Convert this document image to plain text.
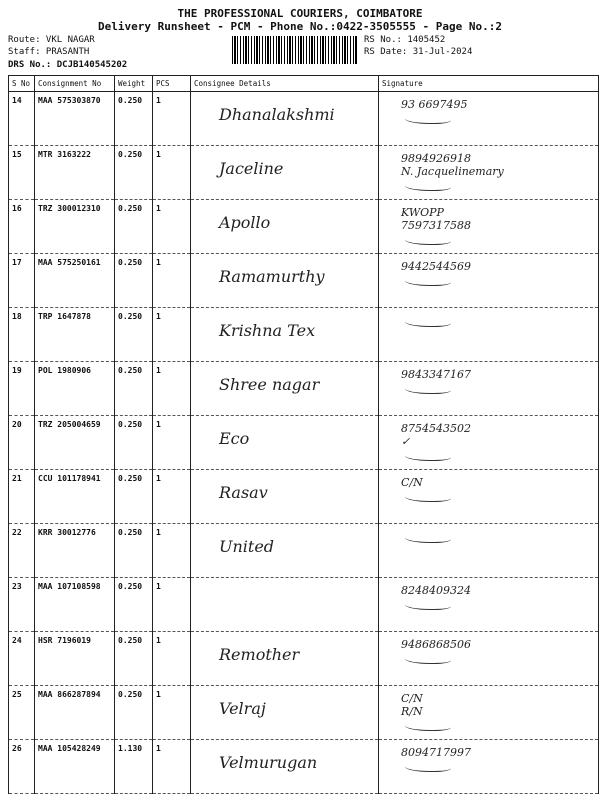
THE PROFESSIONAL COURIERS, COIMBATORE
Delivery Runsheet - PCM - Phone No.:0422-3505555 - Page No.:2
Route: VKL NAGAR
Staff: PRASANTH
DRS No.: DCJB140545202
RS No.: 1405452
RS Date: 31-Jul-2024
S No	Consignment No	Weight	PCS	Consignee Details	Signature
14	MAA 575303870	0.250	1	Dhanalakshmi	93 6697495

15	MTR 3163222	0.250	1	Jaceline	9894926918
N. Jacquelinemary

16	TRZ 300012310	0.250	1	Apollo	KWOPP
7597317588

17	MAA 575250161	0.250	1	Ramamurthy	9442544569

18	TRP 1647878	0.250	1	Krishna Tex	

19	POL 1980906	0.250	1	Shree nagar	9843347167

20	TRZ 205004659	0.250	1	Eco	8754543502
✓

21	CCU 101178941	0.250	1	Rasav	C/N

22	KRR 30012776	0.250	1	United	

23	MAA 107108598	0.250	1		8248409324

24	HSR 7196019	0.250	1	Remother	9486868506

25	MAA 866287894	0.250	1	Velraj	C/N
R/N

26	MAA 105428249	1.130	1	Velmurugan	8094717997
